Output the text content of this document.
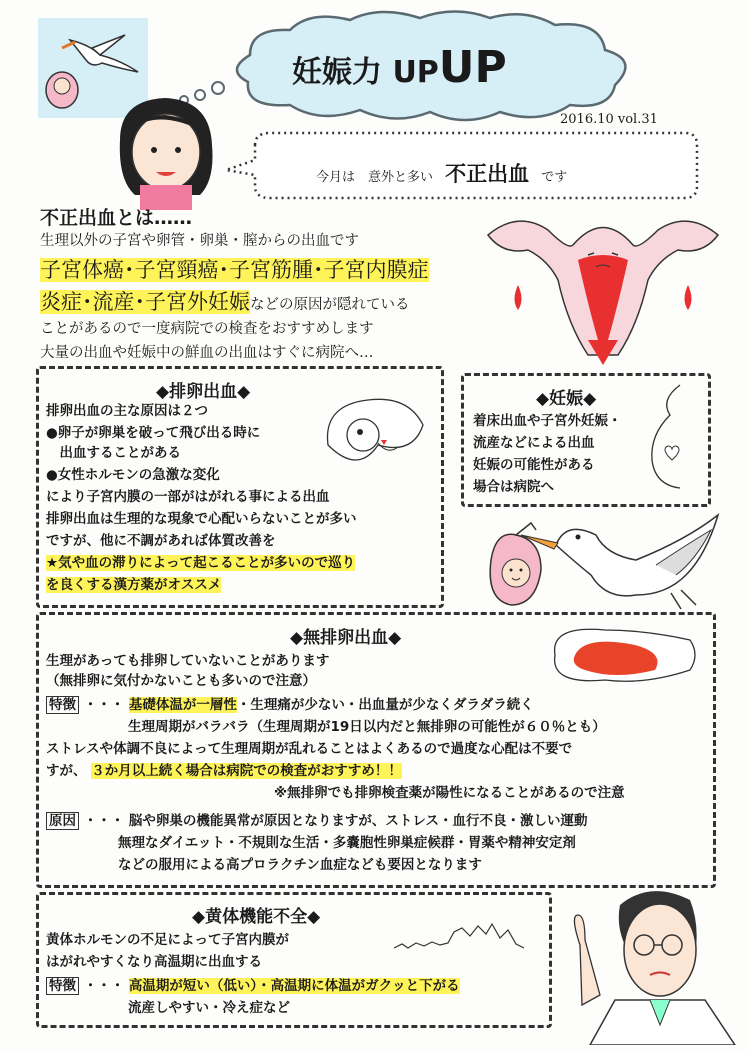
妊娠力 UPUP
2016.10 vol.31
今月は　意外と多い 不正出血 です
不正出血とは……
生理以外の子宮や卵管・卵巣・膣からの出血です
子宮体癌･子宮頸癌･子宮筋腫･子宮内膜症
炎症･流産･子宮外妊娠などの原因が隠れている
ことがあるので一度病院での検査をおすすめします
大量の出血や妊娠中の鮮血の出血はすぐに病院へ…
◆排卵出血◆
排卵出血の主な原因は２つ
●卵子が卵巣を破って飛び出る時に
　出血することがある
●女性ホルモンの急激な変化
により子宮内膜の一部がはがれる事による出血
排卵出血は生理的な現象で心配いらないことが多い
ですが、他に不調があれば体質改善を
★気や血の滞りによって起こることが多いので巡り
を良くする漢方薬がオススメ
◆妊娠◆
着床出血や子宮外妊娠・
流産などによる出血
妊娠の可能性がある
場合は病院へ
◆無排卵出血◆
生理があっても排卵していないことがあります
（無排卵に気付かないことも多いので注意）
特徴 ・・・ 基礎体温が一層性・生理痛が少ない・出血量が少なくダラダラ続く
生理周期がバラバラ（生理周期が19日以内だと無排卵の可能性が６０％とも）
ストレスや体調不良によって生理周期が乱れることはよくあるので過度な心配は不要で
すが、 ３か月以上続く場合は病院での検査がおすすめ！！
※無排卵でも排卵検査薬が陽性になることがあるので注意
原因 ・・・ 脳や卵巣の機能異常が原因となりますが、ストレス・血行不良・激しい運動
無理なダイエット・不規則な生活・多嚢胞性卵巣症候群・胃薬や精神安定剤
などの服用による高プロラクチン血症なども要因となります
◆黄体機能不全◆
黄体ホルモンの不足によって子宮内膜が
はがれやすくなり高温期に出血する
特徴 ・・・ 高温期が短い（低い）・高温期に体温がガクッと下がる
流産しやすい・冷え症など
